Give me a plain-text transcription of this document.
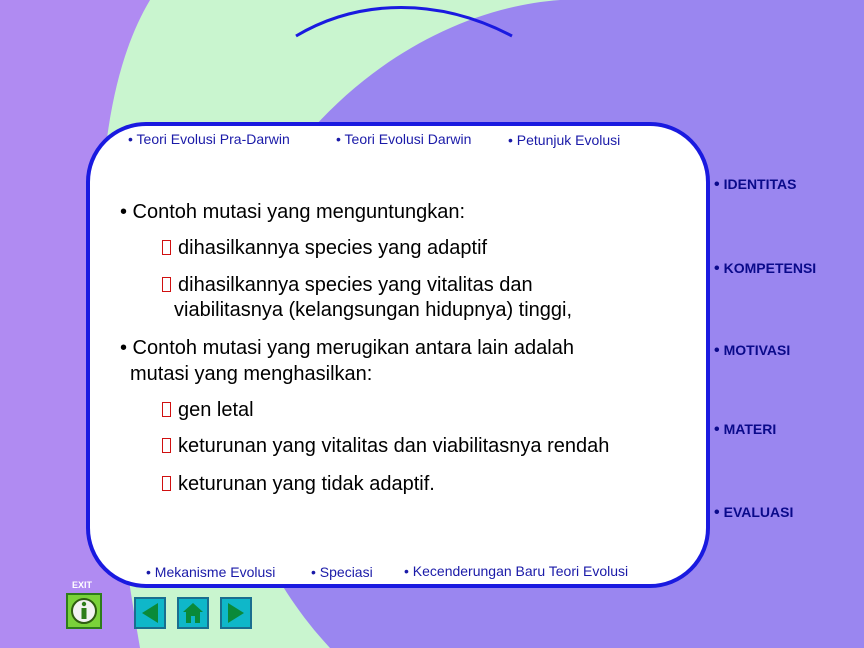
• Teori Evolusi Pra-Darwin	• Teori Evolusi Darwin	• Petunjuk Evolusi
• Contoh mutasi yang menguntungkan:
dihasilkannya species yang adaptif
dihasilkannya species yang vitalitas dan
viabilitasnya (kelangsungan hidupnya) tinggi,
• Contoh mutasi yang merugikan antara lain adalah
mutasi yang menghasilkan:
gen letal
keturunan yang vitalitas dan viabilitasnya rendah
keturunan yang tidak adaptif.
• Mekanisme Evolusi	• Speciasi • Kecenderungan Baru Teori Evolusi
• IDENTITAS
• KOMPETENSI
• MOTIVASI
• MATERI
• EVALUASI
EXIT
